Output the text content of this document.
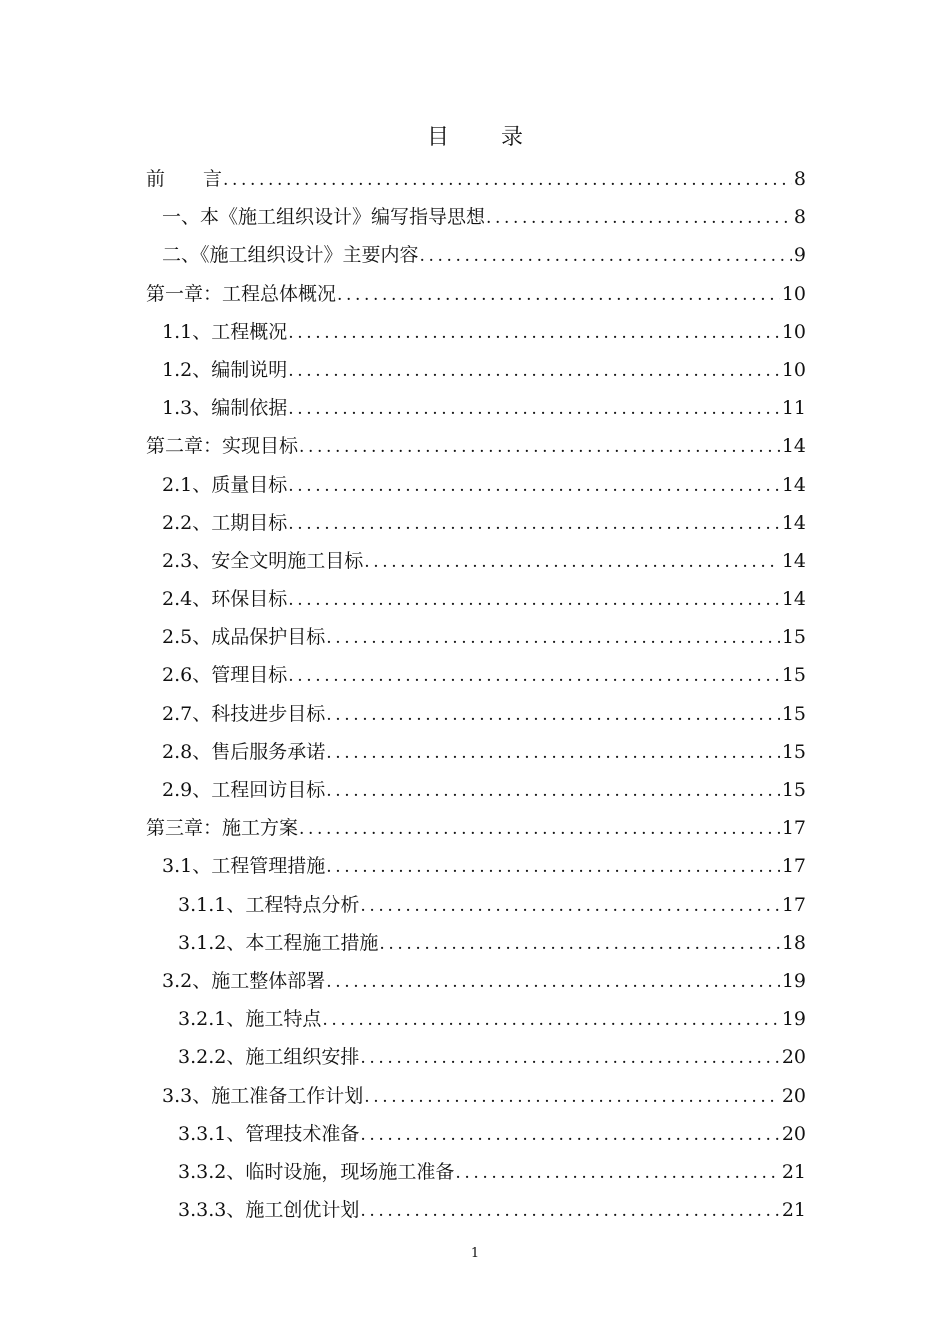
目 录
前　　言 .....	8
一、本《施工组织设计》编写指导思想 .....	8
二、《施工组织设计》主要内容 .....	9
第一章：工程总体概况 .....	10
1.1、工程概况 .....	10
1.2、编制说明 .....	10
1.3、编制依据 .....	11
第二章：实现目标 .....	14
2.1、质量目标 .....	14
2.2、工期目标 .....	14
2.3、安全文明施工目标 .....	14
2.4、环保目标 .....	14
2.5、成品保护目标 .....	15
2.6、管理目标 .....	15
2.7、科技进步目标 .....	15
2.8、售后服务承诺 .....	15
2.9、工程回访目标 .....	15
第三章：施工方案 .....	17
3.1、工程管理措施 .....	17
3.1.1、工程特点分析 .....	17
3.1.2、本工程施工措施 .....	18
3.2、施工整体部署 .....	19
3.2.1、施工特点 .....	19
3.2.2、施工组织安排 .....	20
3.3、施工准备工作计划 .....	20
3.3.1、管理技术准备 .....	20
3.3.2、临时设施，现场施工准备 .....	21
3.3.3、施工创优计划 .....	21
1
